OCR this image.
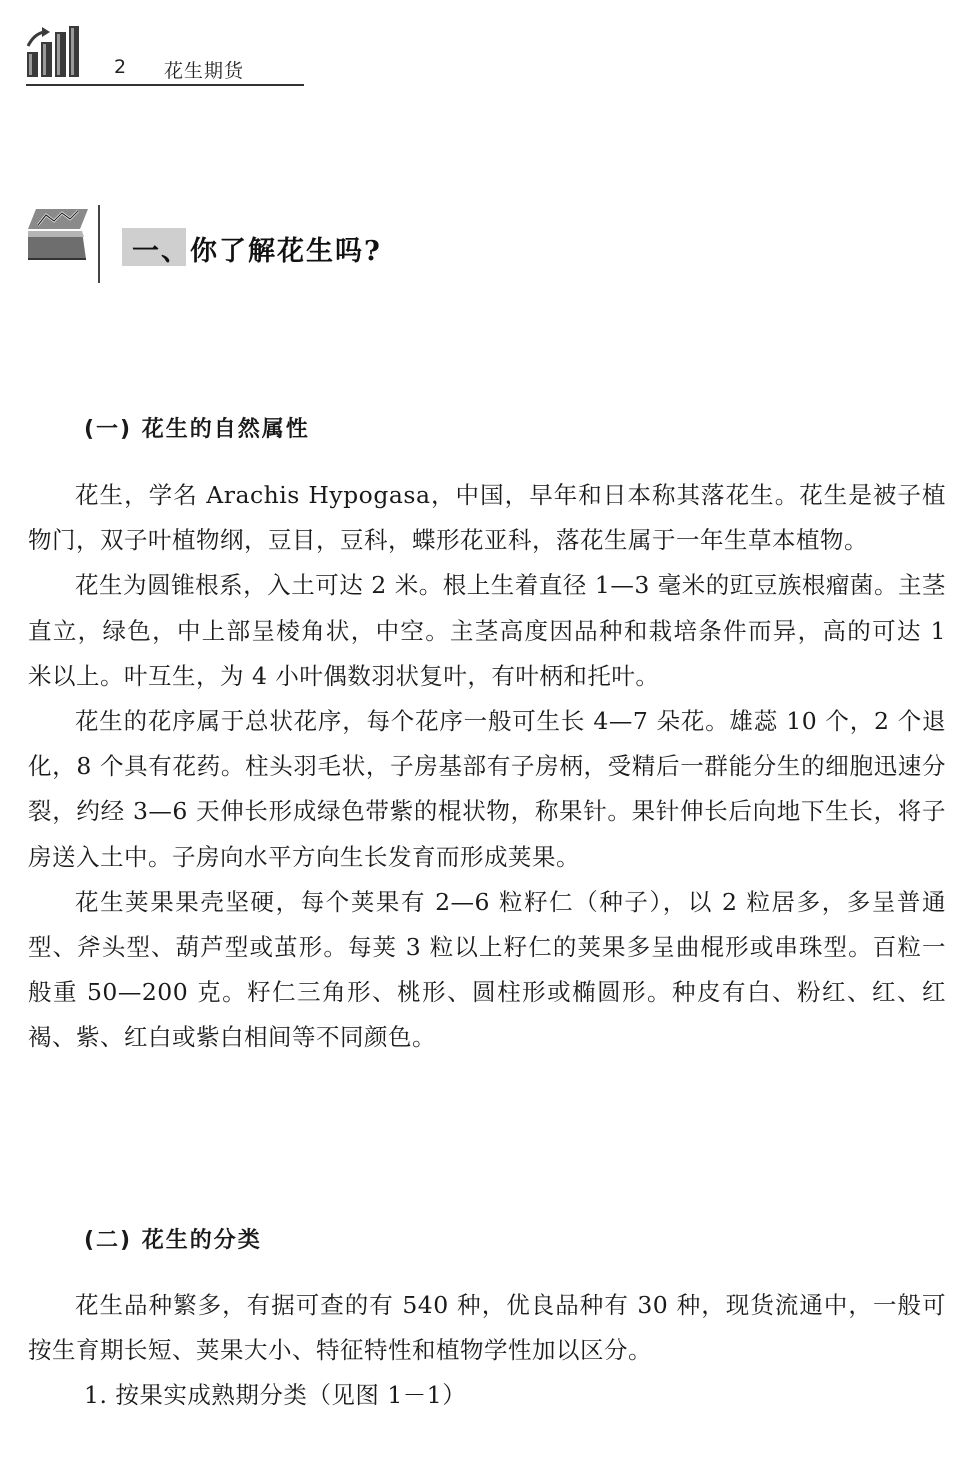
2 花生期货
一、你了解花生吗?
(一) 花生的自然属性

花生，学名 Arachis Hypogasa，中国，早年和日本称其落花生。花生是被子植物门，双子叶植物纲，豆目，豆科，蝶形花亚科，落花生属于一年生草本植物。

花生为圆锥根系，入土可达 2 米。根上生着直径 1—3 毫米的豇豆族根瘤菌。主茎直立，绿色，中上部呈棱角状，中空。主茎高度因品种和栽培条件而异，高的可达 1 米以上。叶互生，为 4 小叶偶数羽状复叶，有叶柄和托叶。

花生的花序属于总状花序，每个花序一般可生长 4—7 朵花。雄蕊 10 个，2 个退化，8 个具有花药。柱头羽毛状，子房基部有子房柄，受精后一群能分生的细胞迅速分裂，约经 3—6 天伸长形成绿色带紫的棍状物，称果针。果针伸长后向地下生长，将子房送入土中。子房向水平方向生长发育而形成荚果。

花生荚果果壳坚硬，每个荚果有 2—6 粒籽仁（种子），以 2 粒居多，多呈普通型、斧头型、葫芦型或茧形。每荚 3 粒以上籽仁的荚果多呈曲棍形或串珠型。百粒一般重 50—200 克。籽仁三角形、桃形、圆柱形或椭圆形。种皮有白、粉红、红、红褐、紫、红白或紫白相间等不同颜色。

(二) 花生的分类

花生品种繁多，有据可查的有 540 种，优良品种有 30 种，现货流通中，一般可按生育期长短、荚果大小、特征特性和植物学性加以区分。

1. 按果实成熟期分类（见图 1－1）
